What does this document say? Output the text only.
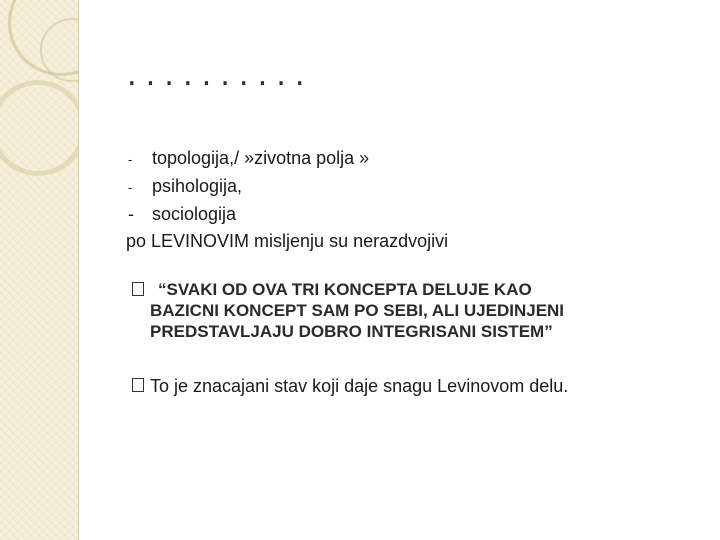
..........
- topologija,/ »zivotna polja »
- psihologija,
- sociologija
po LEVINOVIM misljenju su nerazdvojivi
“SVAKI OD OVA TRI KONCEPTA DELUJE KAO
BAZICNI KONCEPT SAM PO SEBI, ALI UJEDINJENI
PREDSTAVLJAJU DOBRO INTEGRISANI SISTEM”
To je znacajani stav koji daje snagu Levinovom delu.
